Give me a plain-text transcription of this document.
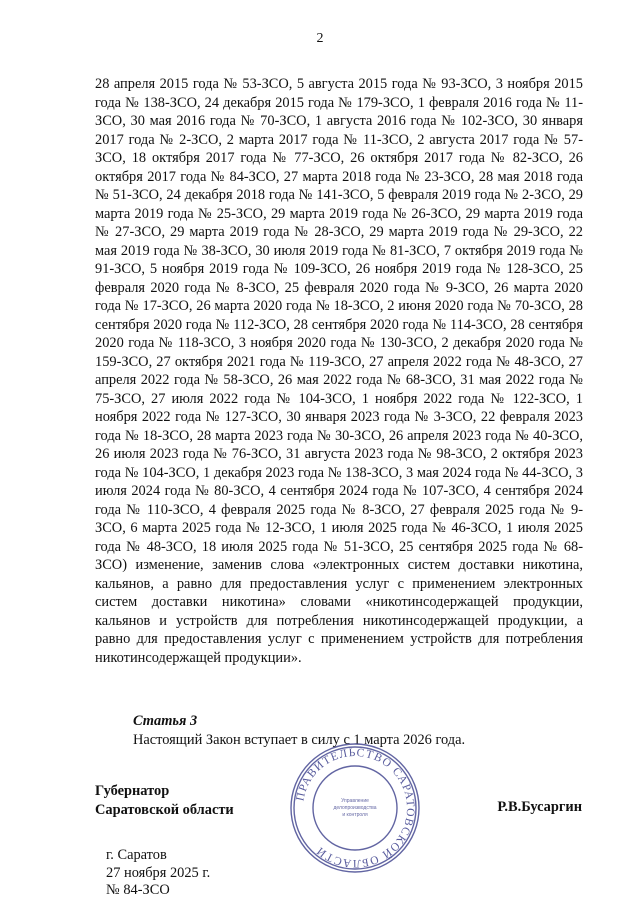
2

28 апреля 2015 года № 53-ЗСО, 5 августа 2015 года № 93-ЗСО, 3 ноября 2015 года № 138-ЗСО, 24 декабря 2015 года № 179-ЗСО, 1 февраля 2016 года № 11-ЗСО, 30 мая 2016 года № 70-ЗСО, 1 августа 2016 года № 102-ЗСО, 30 января 2017 года № 2-ЗСО, 2 марта 2017 года № 11-ЗСО, 2 августа 2017 года № 57-ЗСО, 18 октября 2017 года № 77-ЗСО, 26 октября 2017 года № 82-ЗСО, 26 октября 2017 года № 84-ЗСО, 27 марта 2018 года № 23-ЗСО, 28 мая 2018 года № 51-ЗСО, 24 декабря 2018 года № 141-ЗСО, 5 февраля 2019 года № 2-ЗСО, 29 марта 2019 года № 25-ЗСО, 29 марта 2019 года № 26-ЗСО, 29 марта 2019 года № 27-ЗСО, 29 марта 2019 года № 28-ЗСО, 29 марта 2019 года № 29-ЗСО, 22 мая 2019 года № 38-ЗСО, 30 июля 2019 года № 81-ЗСО, 7 октября 2019 года № 91-ЗСО, 5 ноября 2019 года № 109-ЗСО, 26 ноября 2019 года № 128-ЗСО, 25 февраля 2020 года № 8-ЗСО, 25 февраля 2020 года № 9-ЗСО, 26 марта 2020 года № 17-ЗСО, 26 марта 2020 года № 18-ЗСО, 2 июня 2020 года № 70-ЗСО, 28 сентября 2020 года № 112-ЗСО, 28 сентября 2020 года № 114-ЗСО, 28 сентября 2020 года № 118-ЗСО, 3 ноября 2020 года № 130-ЗСО, 2 декабря 2020 года № 159-ЗСО, 27 октября 2021 года № 119-ЗСО, 27 апреля 2022 года № 48-ЗСО, 27 апреля 2022 года № 58-ЗСО, 26 мая 2022 года № 68-ЗСО, 31 мая 2022 года № 75-ЗСО, 27 июля 2022 года № 104-ЗСО, 1 ноября 2022 года № 122-ЗСО, 1 ноября 2022 года № 127-ЗСО, 30 января 2023 года № 3-ЗСО, 22 февраля 2023 года № 18-ЗСО, 28 марта 2023 года № 30-ЗСО, 26 апреля 2023 года № 40-ЗСО, 26 июля 2023 года № 76-ЗСО, 31 августа 2023 года № 98-ЗСО, 2 октября 2023 года № 104-ЗСО, 1 декабря 2023 года № 138-ЗСО, 3 мая 2024 года № 44-ЗСО, 3 июля 2024 года № 80-ЗСО, 4 сентября 2024 года № 107-ЗСО, 4 сентября 2024 года № 110-ЗСО, 4 февраля 2025 года № 8-ЗСО, 27 февраля 2025 года № 9-ЗСО, 6 марта 2025 года № 12-ЗСО, 1 июля 2025 года № 46-ЗСО, 1 июля 2025 года № 48-ЗСО, 18 июля 2025 года № 51-ЗСО, 25 сентября 2025 года № 68-ЗСО) изменение, заменив слова «электронных систем доставки никотина, кальянов, а равно для предоставления услуг с применением электронных систем доставки никотина» словами «никотинсодержащей продукции, кальянов и устройств для потребления никотинсодержащей продукции, а равно для предоставления услуг с применением устройств для потребления никотинсодержащей продукции».

Статья 3
Настоящий Закон вступает в силу с 1 марта 2026 года.
Губернатор
Саратовской области
ПРАВИТЕЛЬСТВО САРАТОВСКОЙ ОБЛАСТИ
Управление
делопроизводства
и контроля	Р.В.Бусаргин
г. Саратов
27 ноября 2025 г.
№ 84-ЗСО
